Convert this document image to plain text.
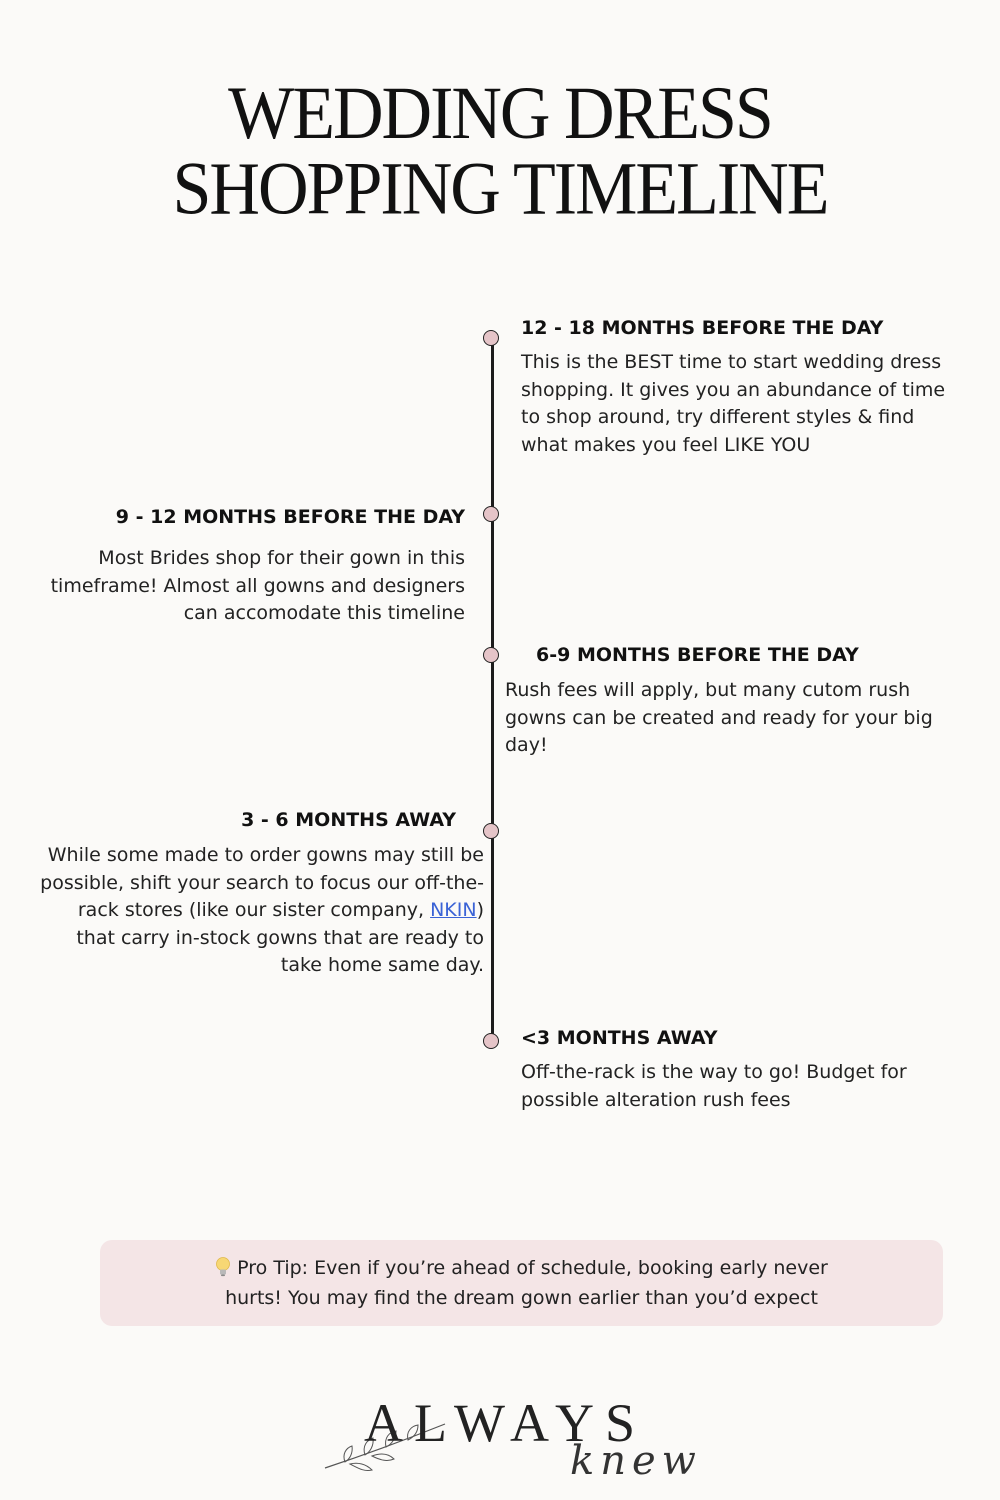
WEDDING DRESS
SHOPPING TIMELINE
12 - 18 MONTHS BEFORE THE DAY
This is the BEST time to start wedding dress shopping. It gives you an abundance of time to shop around, try different styles & find what makes you feel LIKE YOU
9 - 12 MONTHS BEFORE THE DAY
Most Brides shop for their gown in this timeframe! Almost all gowns and designers can accomodate this timeline
6-9 MONTHS BEFORE THE DAY
Rush fees will apply, but many cutom rush gowns can be created and ready for your big day!
3 - 6 MONTHS AWAY
While some made to order gowns may still be possible, shift your search to focus our off-the-rack stores (like our sister company, NKIN) that carry in-stock gowns that are ready to take home same day.
<3 MONTHS AWAY
Off-the-rack is the way to go! Budget for possible alteration rush fees
Pro Tip: Even if you’re ahead of schedule, booking early never
hurts! You may find the dream gown earlier than you’d expect
ALWAYS
knew
